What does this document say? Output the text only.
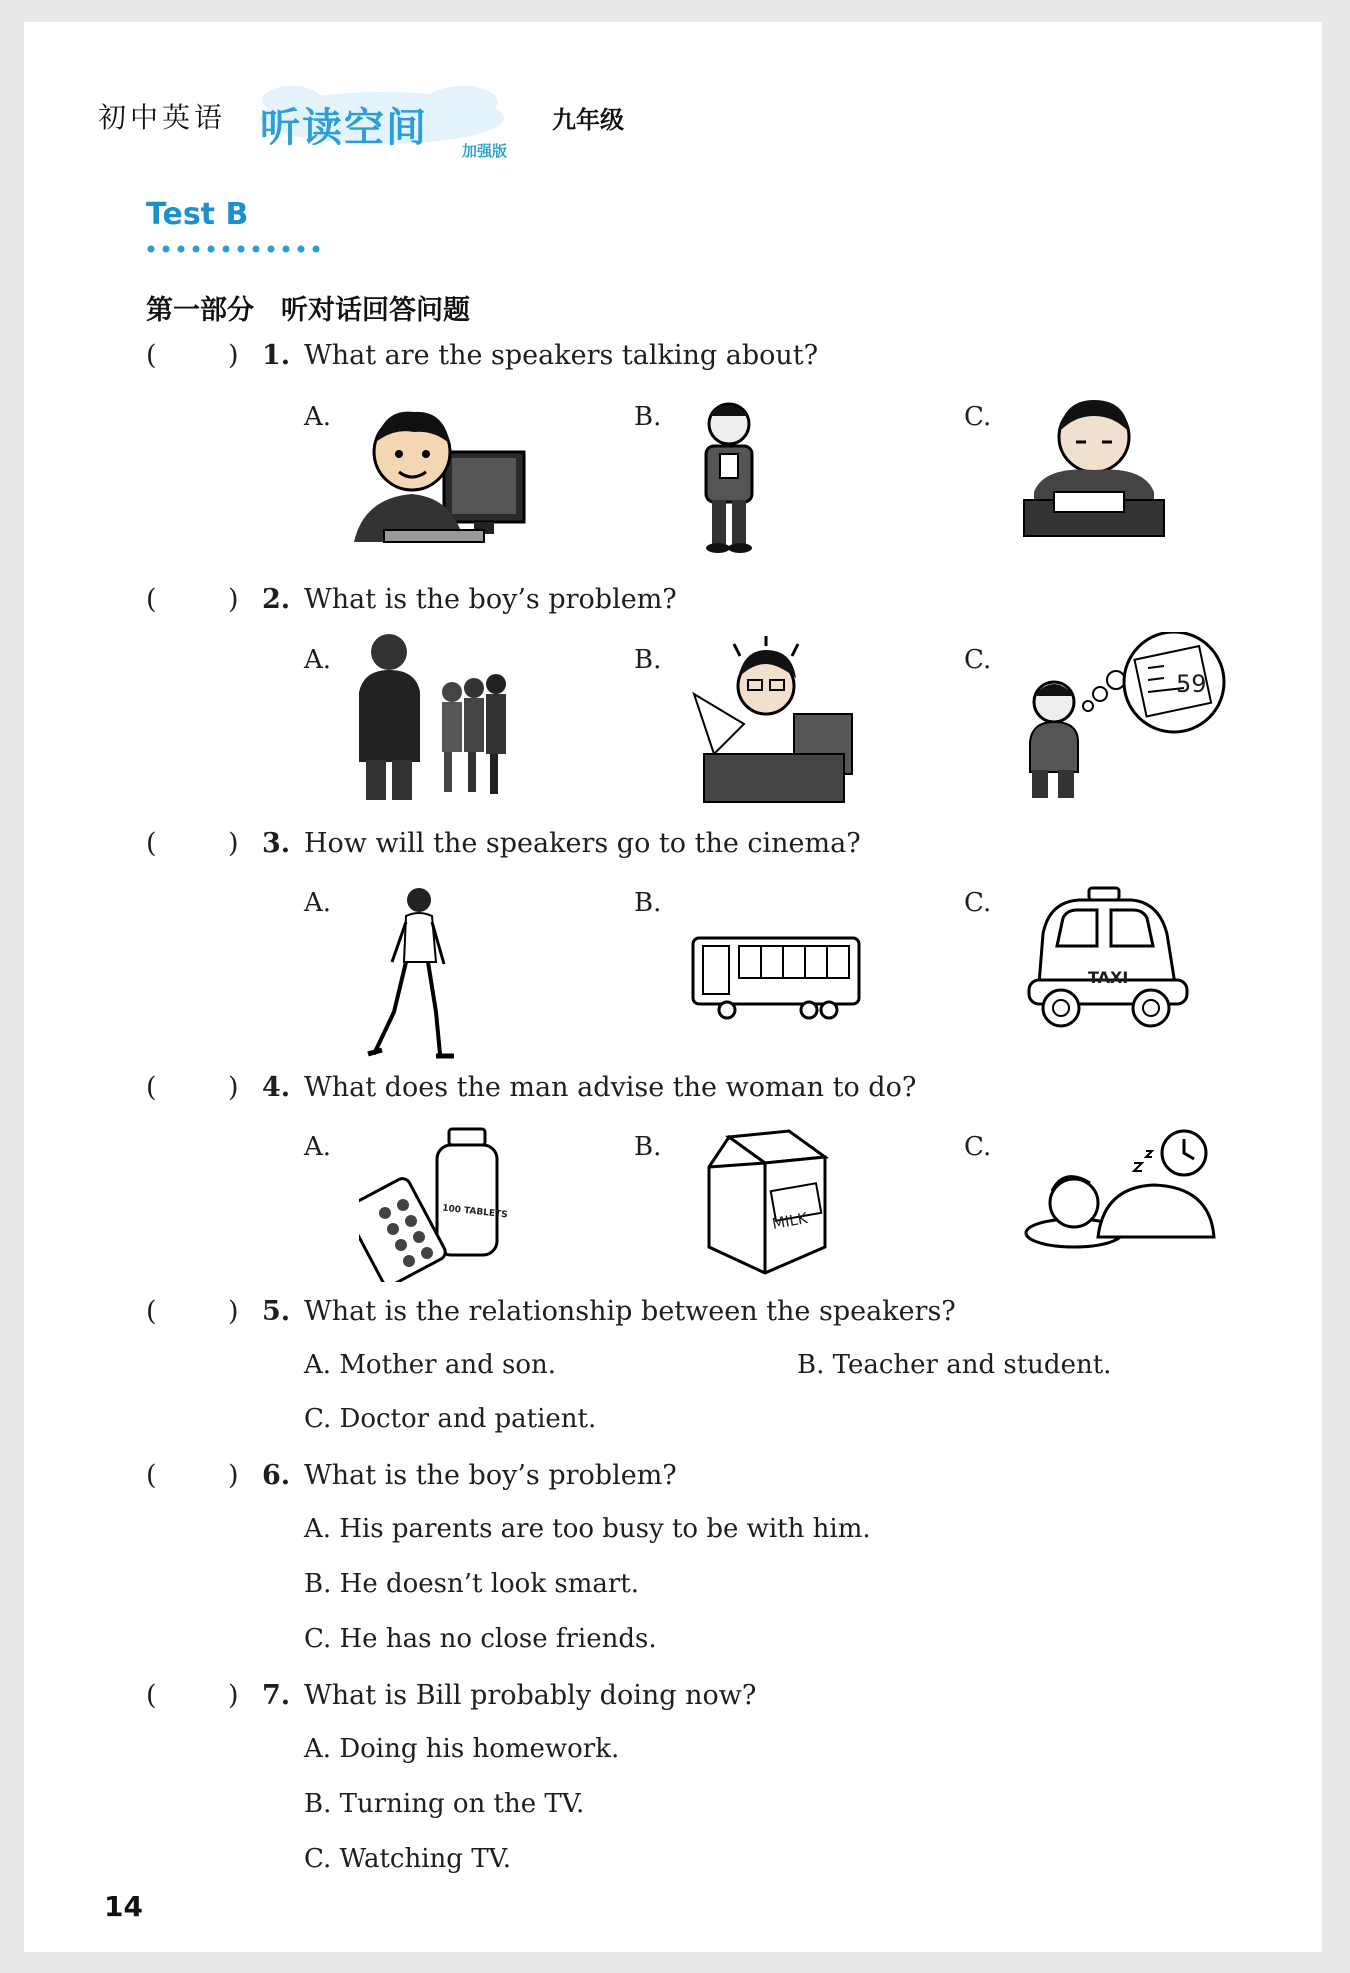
初中英语 听读空间 加强版
九年级
Test B
第一部分　听对话回答问题
(	) 1. What are the speakers talking about?
A.	B.	C.
(	) 2. What is the boy’s problem?
A.	B.	C.
59
(	) 3. How will the speakers go to the cinema?
A.	B.	C.
TAXI
(	) 4. What does the man advise the woman to do?
A.	B.	C.
100 TABLETS	MILK
(	) 5. What is the relationship between the speakers?
A. Mother and son.	B. Teacher and student.
C. Doctor and patient.
(	) 6. What is the boy’s problem?
A. His parents are too busy to be with him.
B. He doesn’t look smart.
C. He has no close friends.
(	) 7. What is Bill probably doing now?
A. Doing his homework.
B. Turning on the TV.
C. Watching TV.
14
